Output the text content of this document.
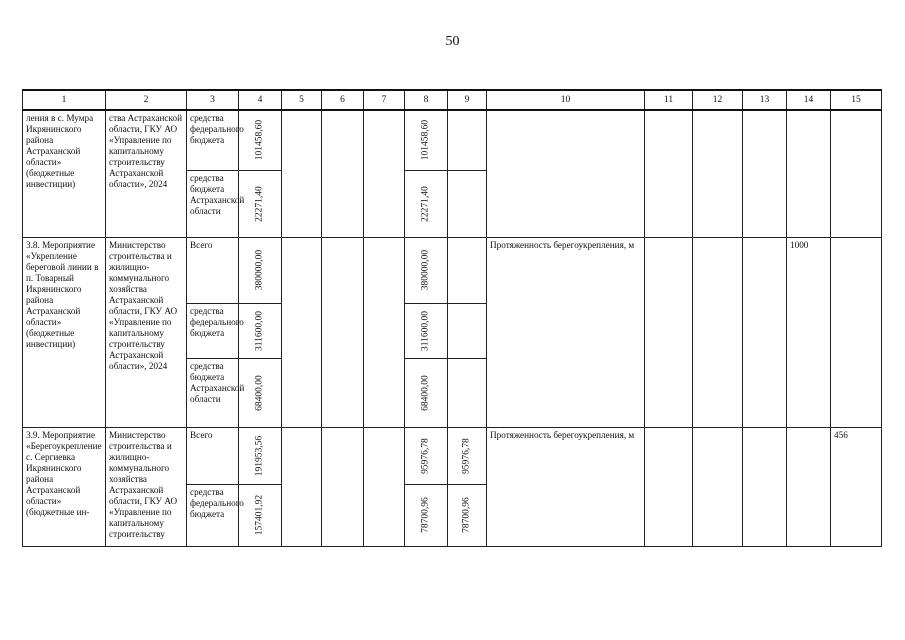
50
1	2	3	4	5	6	7	8	9	10	11	12	13	14	15

ления в с. Мумра Икрянинского района Астраханской области» (бюджетные инвестиции)	ства Астраханской области, ГКУ АО «Управление по капитальному строительству Астраханской области», 2024	средства федерального бюджета	101458,60				101458,60							

		средства бюджета Астраханской области	22271,40				22271,40							

3.8. Мероприятие «Укрепление береговой линии в п. Товарный Икрянинского района Астраханской области» (бюджетные инвестиции)	Министерство строительства и жилищно-коммунального хозяйства Астраханской области, ГКУ АО «Управление по капитальному строительству Астраханской области», 2024	Всего	380000,00				380000,00		Протяженность берегоукрепления, м				1000	

		средства федерального бюджета	311600,00				311600,00							

		средства бюджета Астраханской области	68400,00				68400,00							

3.9. Мероприятие «Берегоукрепление с. Сергиевка Икрянинского района Астраханской области» (бюджетные ин-	Министерство строительства и жилищно-коммунального хозяйства Астраханской области, ГКУ АО «Управление по капитальному строительству	Всего	191953,56				95976,78	95976,78	Протяженность берегоукрепления, м					456

		средства федерального бюджета	157401,92				78700,96	78700,96						
